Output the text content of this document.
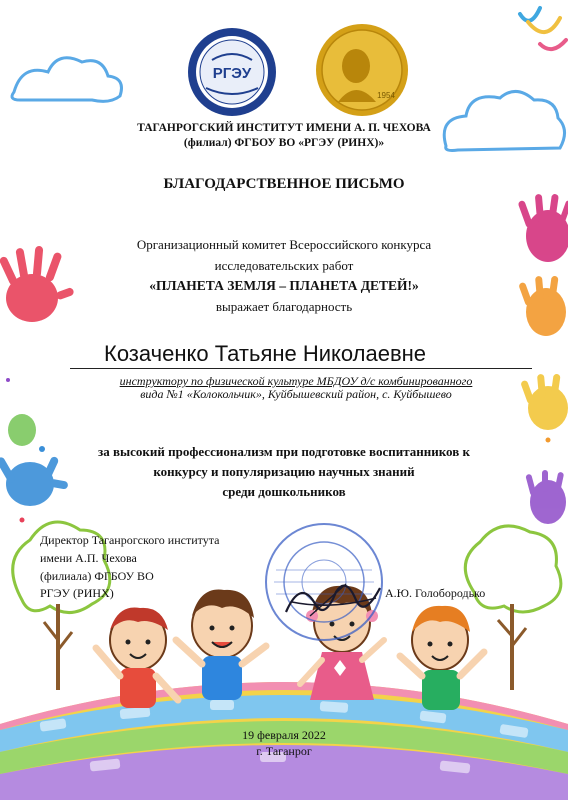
РГЭУ
1954
ТАГАНРОГСКИЙ ИНСТИТУТ ИМЕНИ А. П. ЧЕХОВА
(филиал) ФГБОУ ВО «РГЭУ (РИНХ)»
БЛАГОДАРСТВЕННОЕ ПИСЬМО
Организационный комитет Всероссийского конкурса
исследовательских работ
«ПЛАНЕТА ЗЕМЛЯ – ПЛАНЕТА ДЕТЕЙ!»
выражает благодарность
Козаченко Татьяне Николаевне
инструктору по физической культуре МБДОУ д/с комбинированного
вида №1 «Колокольчик», Куйбышевский район, с. Куйбышево
за высокий профессионализм при подготовке воспитанников к
конкурсу и популяризацию научных знаний
среди дошкольников
Директор Таганрогского института
имени А.П. Чехова
(филиала) ФГБОУ ВО
РГЭУ (РИНХ)	А.Ю. Голобородько
19 февраля 2022
г. Таганрог
